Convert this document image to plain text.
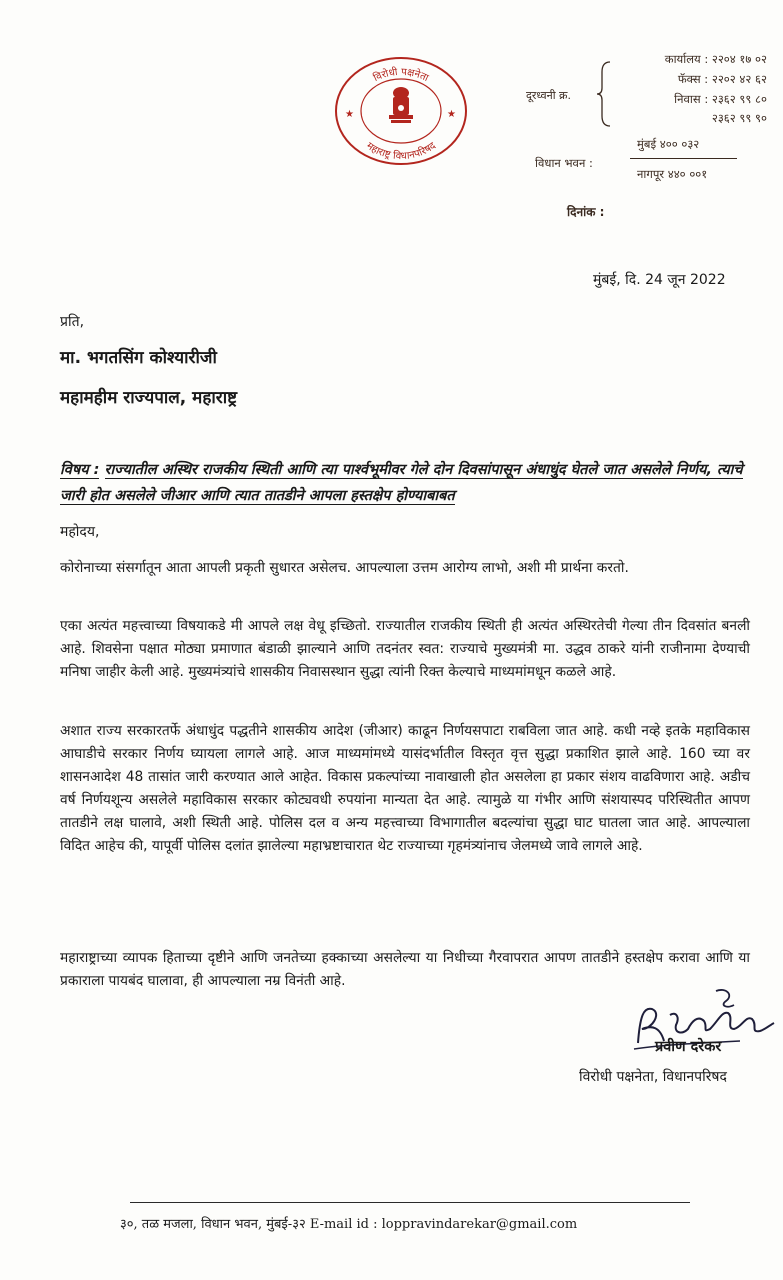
विरोधी पक्षनेता
महाराष्ट्र विधानपरिषद
★	★
दूरध्वनी क्र.
कार्यालय : २२०४ १७ ०२
फॅक्स : २२०२ ४२ ६२
निवास : २३६२ ९९ ८०
२३६२ ९९ ९०
विधान भवन :
मुंबई ४०० ०३२
नागपूर ४४० ००१
दिनांक :
मुंबई, दि. 24 जून 2022
प्रति,
मा. भगतसिंग कोश्यारीजी
महामहीम राज्यपाल, महाराष्ट्र
विषय : राज्यातील अस्थिर राजकीय स्थिती आणि त्या पार्श्वभूमीवर गेले दोन दिवसांपासून अंधाधुंद घेतले जात असलेले निर्णय, त्याचे जारी होत असलेले जीआर आणि त्यात तातडीने आपला हस्तक्षेप होण्याबाबत
महोदय,
कोरोनाच्या संसर्गातून आता आपली प्रकृती सुधारत असेलच. आपल्याला उत्तम आरोग्य लाभो, अशी मी प्रार्थना करतो.
एका अत्यंत महत्त्वाच्या विषयाकडे मी आपले लक्ष वेधू इच्छितो. राज्यातील राजकीय स्थिती ही अत्यंत अस्थिरतेची गेल्या तीन दिवसांत बनली आहे. शिवसेना पक्षात मोठ्या प्रमाणात बंडाळी झाल्याने आणि तदनंतर स्वत: राज्याचे मुख्यमंत्री मा. उद्धव ठाकरे यांनी राजीनामा देण्याची मनिषा जाहीर केली आहे. मुख्यमंत्र्यांचे शासकीय निवासस्थान सुद्धा त्यांनी रिक्त केल्याचे माध्यमांमधून कळले आहे.
अशात राज्य सरकारतर्फे अंधाधुंद पद्धतीने शासकीय आदेश (जीआर) काढून निर्णयसपाटा राबविला जात आहे. कधी नव्हे इतके महाविकास आघाडीचे सरकार निर्णय घ्यायला लागले आहे. आज माध्यमांमध्ये यासंदर्भातील विस्तृत वृत्त सुद्धा प्रकाशित झाले आहे. 160 च्या वर शासनआदेश 48 तासांत जारी करण्यात आले आहेत. विकास प्रकल्पांच्या नावाखाली होत असलेला हा प्रकार संशय वाढविणारा आहे. अडीच वर्ष निर्णयशून्य असलेले महाविकास सरकार कोट्यवधी रुपयांना मान्यता देत आहे. त्यामुळे या गंभीर आणि संशयास्पद परिस्थितीत आपण तातडीने लक्ष घालावे, अशी स्थिती आहे. पोलिस दल व अन्य महत्त्वाच्या विभागातील बदल्यांचा सुद्धा घाट घातला जात आहे. आपल्याला विदित आहेच की, यापूर्वी पोलिस दलांत झालेल्या महाभ्रष्टाचारात थेट राज्याच्या गृहमंत्र्यांनाच जेलमध्ये जावे लागले आहे.
महाराष्ट्राच्या व्यापक हिताच्या दृष्टीने आणि जनतेच्या हक्काच्या असलेल्या या निधीच्या गैरवापरात आपण तातडीने हस्तक्षेप करावा आणि या प्रकाराला पायबंद घालावा, ही आपल्याला नम्र विनंती आहे.
प्रवीण दरेकर
विरोधी पक्षनेता, विधानपरिषद
३०, तळ मजला, विधान भवन, मुंबई-३२ E-mail id : loppravindarekar@gmail.com
